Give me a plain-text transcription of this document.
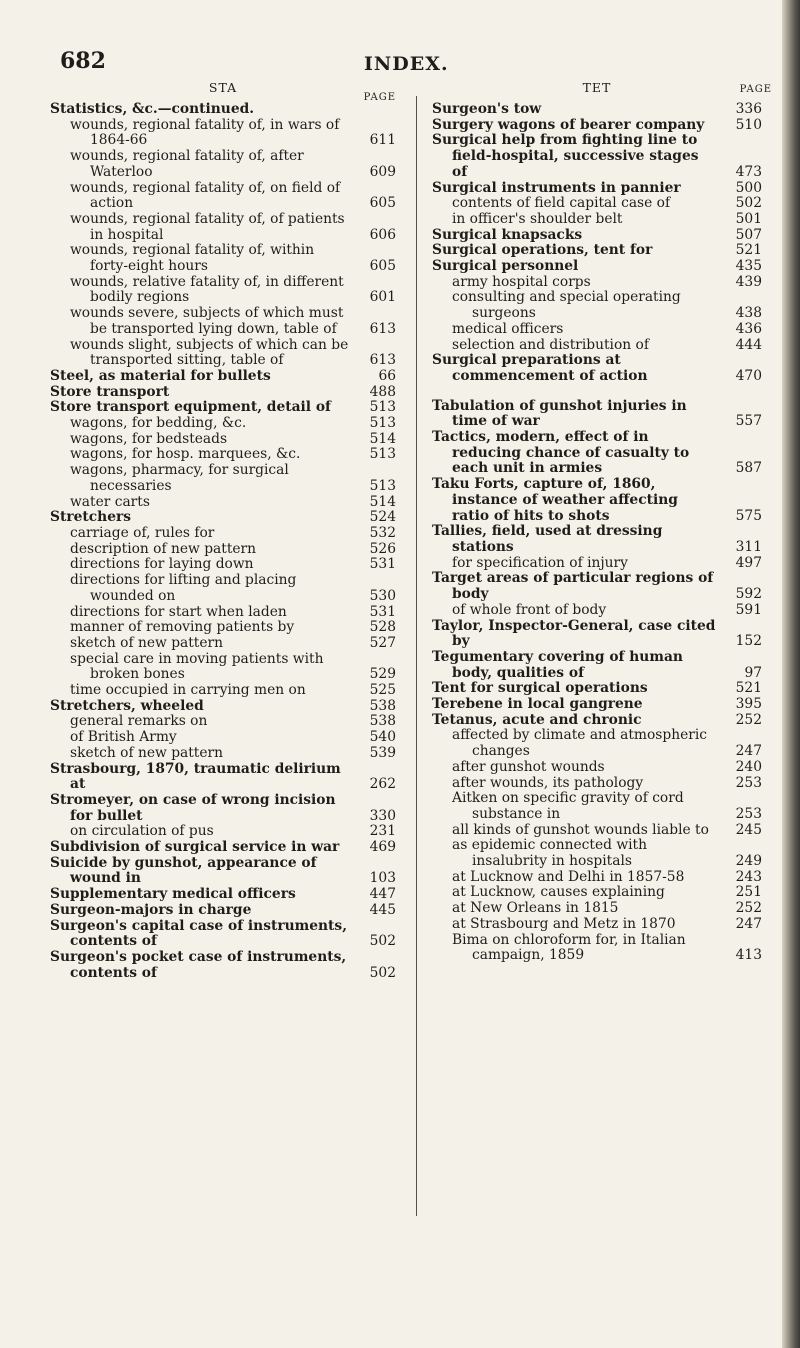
682	INDEX.
STA
PAGE
Statistics, &c.—continued.
wounds, regional fatality of, in wars of 1864-66	611
wounds, regional fatality of, after Waterloo	609
wounds, regional fatality of, on field of action	605
wounds, regional fatality of, of patients in hospital	606
wounds, regional fatality of, within forty-eight hours	605
wounds, relative fatality of, in different bodily regions	601
wounds severe, subjects of which must be transported lying down, table of 613
wounds slight, subjects of which can be transported sitting, table of	613
Steel, as material for bullets	66
Store transport	488
Store transport equipment, detail of	513
wagons, for bedding, &c.	513
wagons, for bedsteads	514
wagons, for hosp. marquees, &c.	513
wagons, pharmacy, for surgical necessaries	513
water carts	514
Stretchers	524
carriage of, rules for	532
description of new pattern	526
directions for laying down	531
directions for lifting and placing wounded on	530
directions for start when laden	531
manner of removing patients by	528
sketch of new pattern	527
special care in moving patients with broken bones	529
time occupied in carrying men on	525
Stretchers, wheeled	538
general remarks on	538
of British Army	540
sketch of new pattern	539
Strasbourg, 1870, traumatic delirium at	262
Stromeyer, on case of wrong incision for bullet	330
on circulation of pus	231
Subdivision of surgical service in war 469
Suicide by gunshot, appearance of wound in	103
Supplementary medical officers	447
Surgeon-majors in charge	445
Surgeon's capital case of instruments, contents of	502
Surgeon's pocket case of instruments, contents of	502
TET	PAGE
Surgeon's tow	336
Surgery wagons of bearer company 510
Surgical help from fighting line to field-hospital, successive stages of	473
Surgical instruments in pannier	500
contents of field capital case of	502
in officer's shoulder belt	501
Surgical knapsacks	507
Surgical operations, tent for	521
Surgical personnel	435
army hospital corps	439
consulting and special operating surgeons	438
medical officers	436
selection and distribution of	444
Surgical preparations at commencement of action	470
Tabulation of gunshot injuries in time of war	557
Tactics, modern, effect of in reducing chance of casualty to each unit in armies	587
Taku Forts, capture of, 1860, instance of weather affecting ratio of hits to shots	575
Tallies, field, used at dressing stations	311
for specification of injury	497
Target areas of particular regions of body	592
of whole front of body	591
Taylor, Inspector-General, case cited by	152
Tegumentary covering of human body, qualities of	97
Tent for surgical operations	521
Terebene in local gangrene	395
Tetanus, acute and chronic	252
affected by climate and atmospheric changes	247
after gunshot wounds	240
after wounds, its pathology	253
Aitken on specific gravity of cord substance in	253
all kinds of gunshot wounds liable to 245
as epidemic connected with insalubrity in hospitals	249
at Lucknow and Delhi in 1857-58	243
at Lucknow, causes explaining	251
at New Orleans in 1815	252
at Strasbourg and Metz in 1870	247
Bima on chloroform for, in Italian campaign, 1859	413
